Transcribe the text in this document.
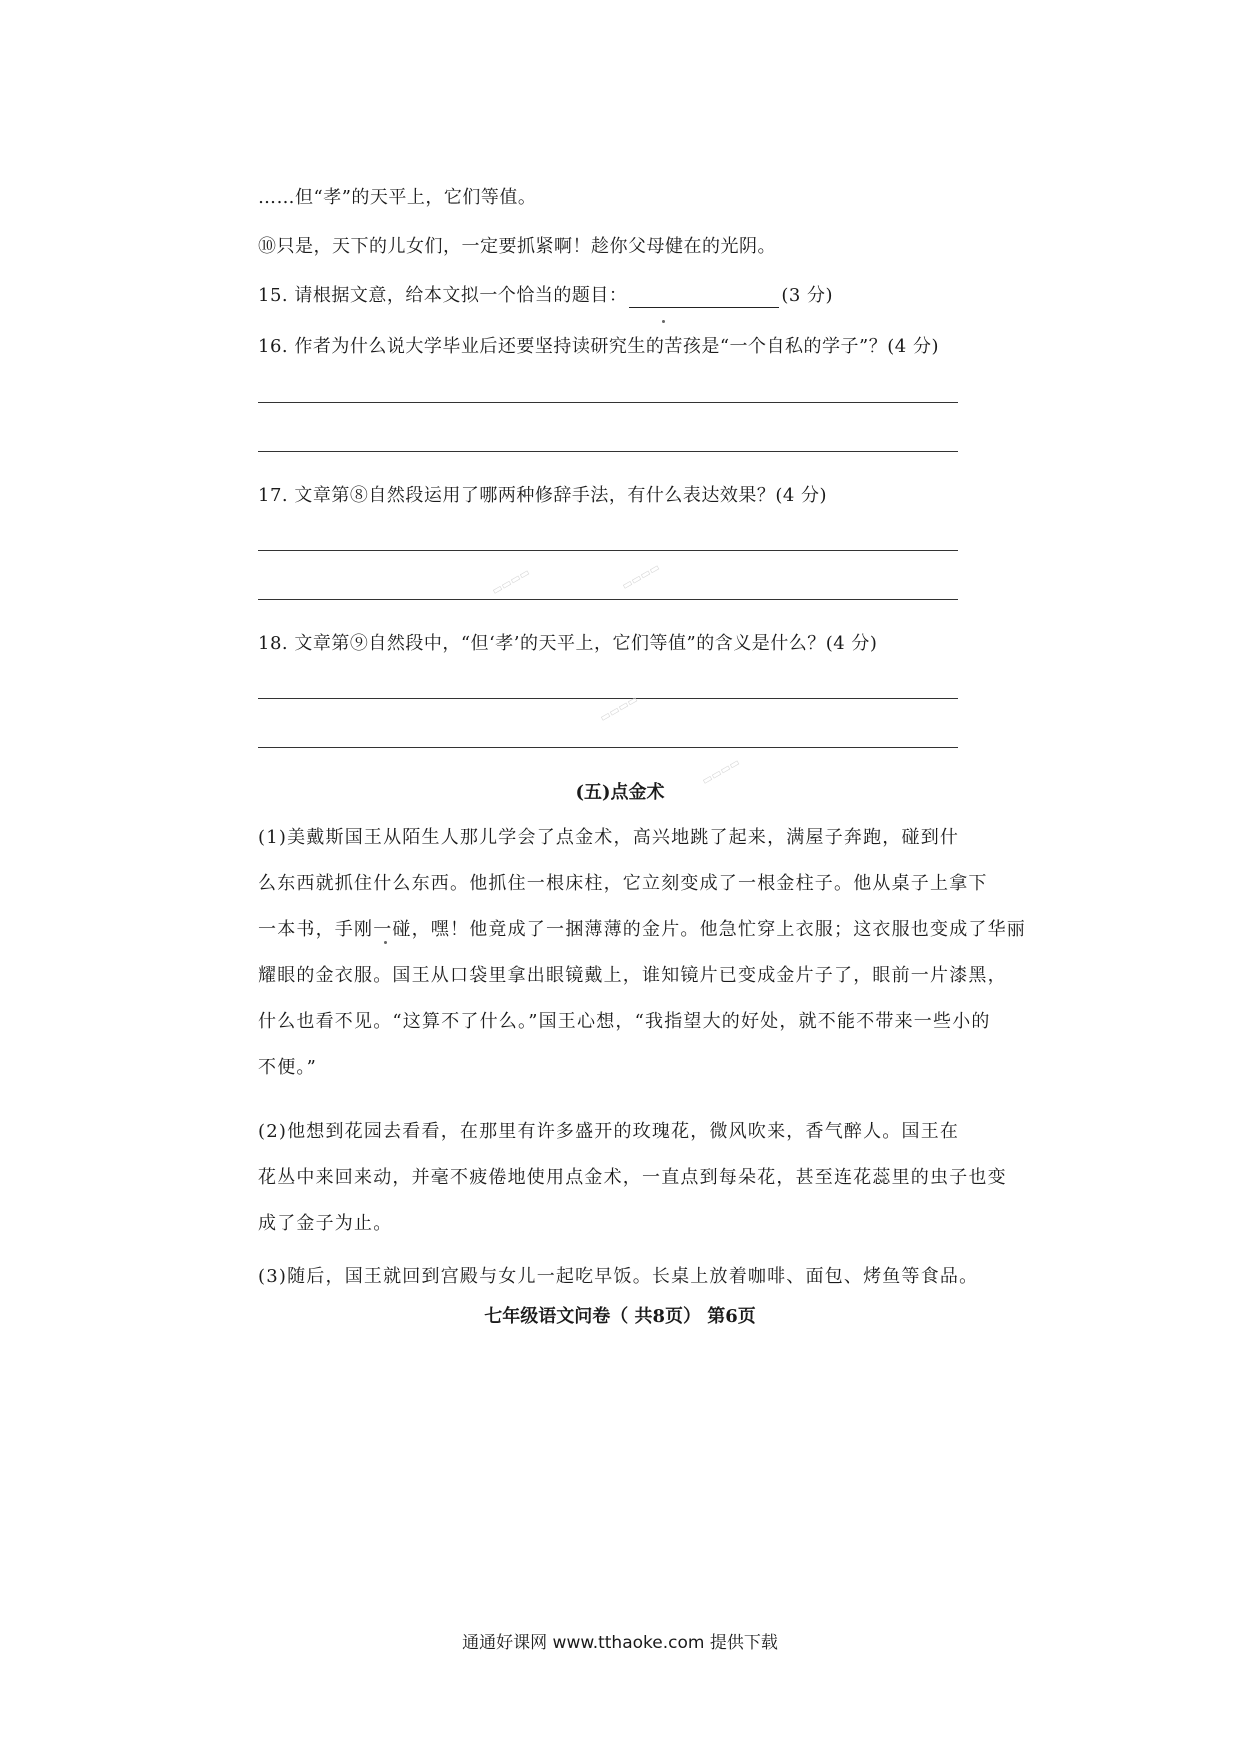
……但“孝”的天平上，它们等值。
⑩只是，天下的儿女们，一定要抓紧啊！趁你父母健在的光阴。
15. 请根据文意，给本文拟一个恰当的题目：	(3 分)
16. 作者为什么说大学毕业后还要坚持读研究生的苦孩是“一个自私的学子”？(4 分)
17. 文章第⑧自然段运用了哪两种修辞手法，有什么表达效果？(4 分)
18. 文章第⑨自然段中，“但‘孝’的天平上，它们等值”的含义是什么？(4 分)
(五)点金术

(1)美戴斯国王从陌生人那儿学会了点金术，高兴地跳了起来，满屋子奔跑，碰到什

么东西就抓住什么东西。他抓住一根床柱，它立刻变成了一根金柱子。他从桌子上拿下

一本书，手刚一碰，嘿！他竟成了一捆薄薄的金片。他急忙穿上衣服；这衣服也变成了华丽

耀眼的金衣服。国王从口袋里拿出眼镜戴上，谁知镜片已变成金片子了，眼前一片漆黑，

什么也看不见。“这算不了什么。”国王心想，“我指望大的好处，就不能不带来一些小的

不便。”

(2)他想到花园去看看，在那里有许多盛开的玫瑰花，微风吹来，香气醉人。国王在

花丛中来回来动，并毫不疲倦地使用点金术，一直点到每朵花，甚至连花蕊里的虫子也变

成了金子为止。

(3)随后，国王就回到宫殿与女儿一起吃早饭。长桌上放着咖啡、面包、烤鱼等食品。

七年级语文问卷（ 共8页） 第6页
通通好课网 www.tthaoke.com 提供下载
▭▭▭▭	▭▭▭▭
▭▭▭▭
▭▭▭▭
